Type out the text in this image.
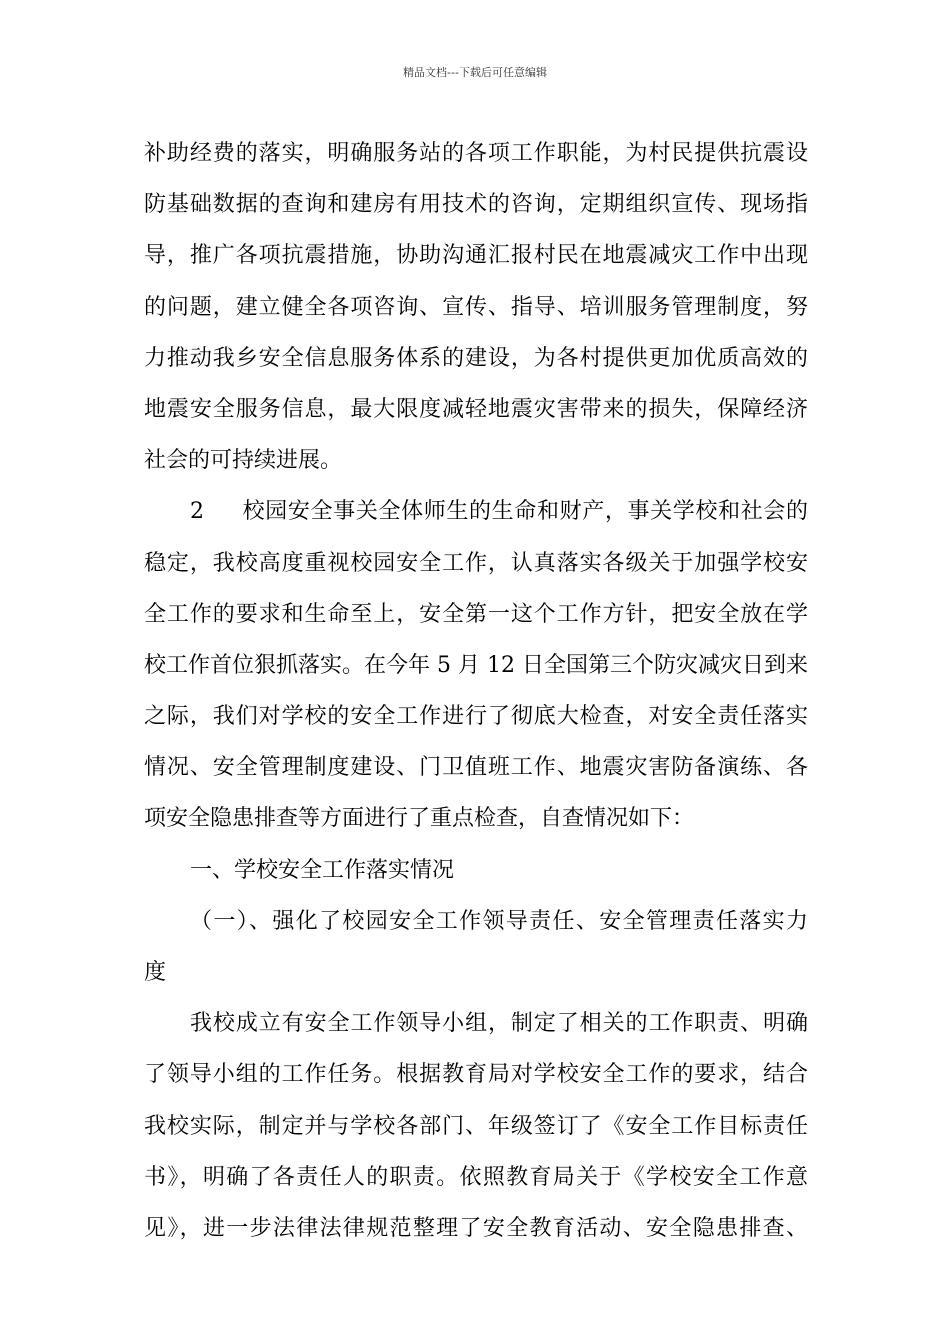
精品文档---下载后可任意编辑
补助经费的落实，明确服务站的各项工作职能，为村民提供抗震设
防基础数据的查询和建房有用技术的咨询，定期组织宣传、现场指
导，推广各项抗震措施，协助沟通汇报村民在地震减灾工作中出现
的问题，建立健全各项咨询、宣传、指导、培训服务管理制度，努
力推动我乡安全信息服务体系的建设，为各村提供更加优质高效的
地震安全服务信息，最大限度减轻地震灾害带来的损失，保障经济
社会的可持续进展。
2 校园安全事关全体师生的生命和财产，事关学校和社会的
稳定，我校高度重视校园安全工作，认真落实各级关于加强学校安
全工作的要求和生命至上，安全第一这个工作方针，把安全放在学
校工作首位狠抓落实。在今年 5 月 12 日全国第三个防灾减灾日到来
之际，我们对学校的安全工作进行了彻底大检查，对安全责任落实
情况、安全管理制度建设、门卫值班工作、地震灾害防备演练、各
项安全隐患排查等方面进行了重点检查，自查情况如下：
一、学校安全工作落实情况
（一）、强化了校园安全工作领导责任、安全管理责任落实力
度
我校成立有安全工作领导小组，制定了相关的工作职责、明确
了领导小组的工作任务。根据教育局对学校安全工作的要求，结合
我校实际，制定并与学校各部门、年级签订了《安全工作目标责任
书》，明确了各责任人的职责。依照教育局关于《学校安全工作意
见》，进一步法律法律规范整理了安全教育活动、安全隐患排查、
